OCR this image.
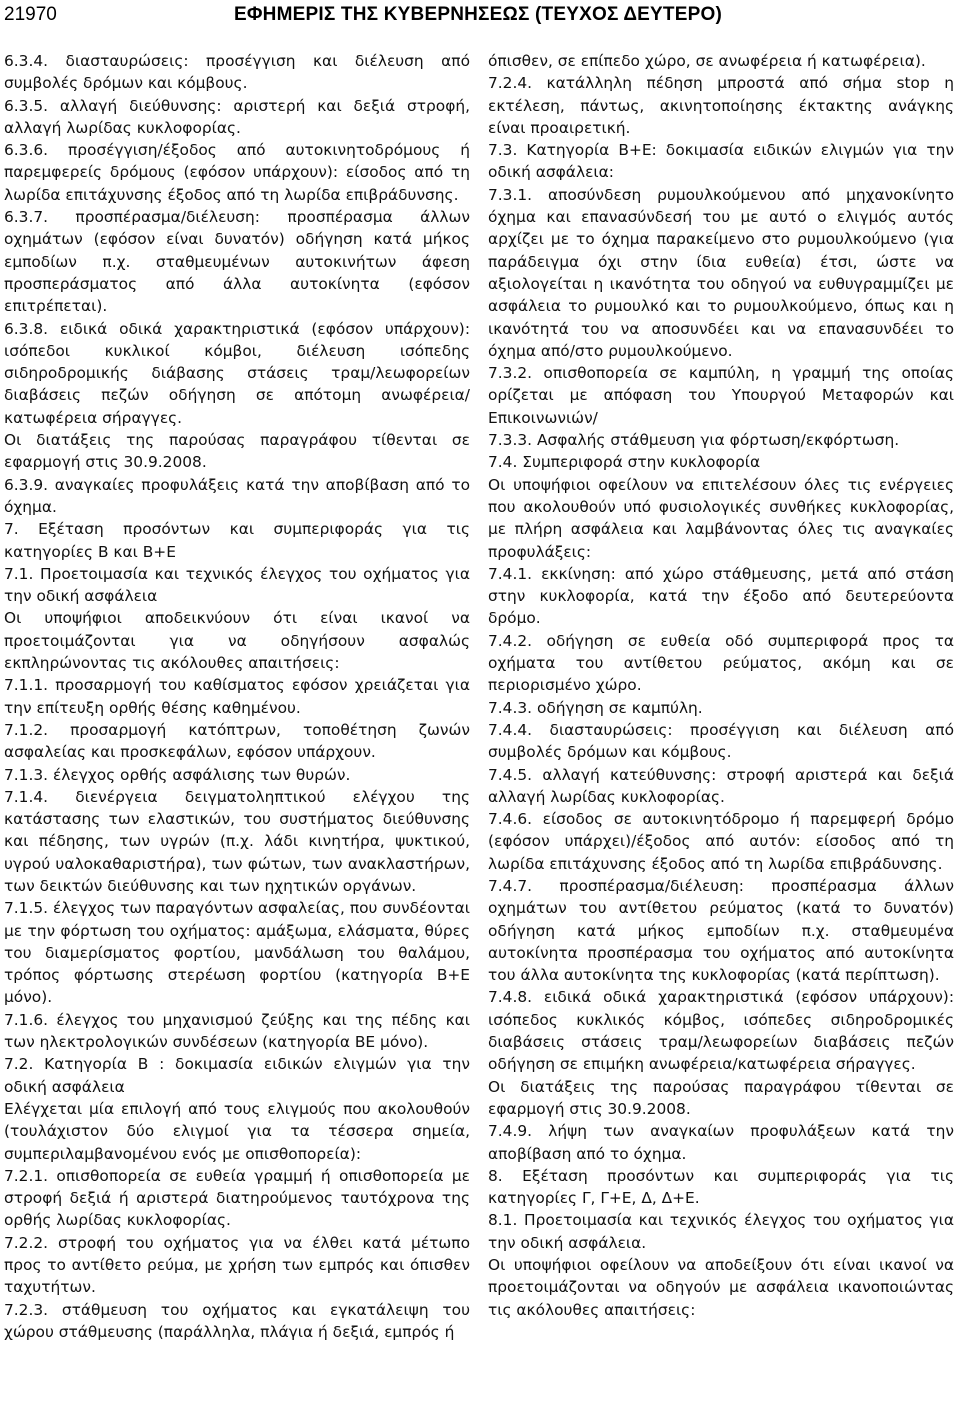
21970	ΕΦΗΜΕΡΙΣ ΤΗΣ ΚΥΒΕΡΝΗΣΕΩΣ (ΤΕΥΧΟΣ ΔΕΥΤΕΡΟ)

6.3.4. διασταυρώσεις: προσέγγιση και διέλευση από συμβολές δρόμων και κόμβους.

6.3.5. αλλαγή διεύθυνσης: αριστερή και δεξιά στροφή, αλλαγή λωρίδας κυκλοφορίας.

6.3.6. προσέγγιση/έξοδος από αυτοκινητοδρόμους ή παρεμφερείς δρόμους (εφόσον υπάρχουν): είσοδος από τη λωρίδα επιτάχυνσης έξοδος από τη λωρίδα επιβράδυνσης.

6.3.7. προσπέρασμα/διέλευση: προσπέρασμα άλλων οχημάτων (εφόσον είναι δυνατόν) οδήγηση κατά μήκος εμποδίων π.χ. σταθμευμένων αυτοκινήτων άφεση προσπεράσματος από άλλα αυτοκίνητα (εφόσον επιτρέπεται).

6.3.8. ειδικά οδικά χαρακτηριστικά (εφόσον υπάρχουν): ισόπεδοι κυκλικοί κόμβοι, διέλευση ισόπεδης σιδηροδρομικής διάβασης στάσεις τραμ/λεωφορείων διαβάσεις πεζών οδήγηση σε απότομη ανωφέρεια/κατωφέρεια σήραγγες.

Οι διατάξεις της παρούσας παραγράφου τίθενται σε εφαρμογή στις 30.9.2008.

6.3.9. αναγκαίες προφυλάξεις κατά την αποβίβαση από το όχημα.

7. Εξέταση προσόντων και συμπεριφοράς για τις κατηγορίες Β και Β+Ε

7.1. Προετοιμασία και τεχνικός έλεγχος του οχήματος για την οδική ασφάλεια

Οι υποψήφιοι αποδεικνύουν ότι είναι ικανοί να προετοιμάζονται για να οδηγήσουν ασφαλώς εκπληρώνοντας τις ακόλουθες απαιτήσεις:

7.1.1. προσαρμογή του καθίσματος εφόσον χρειάζεται για την επίτευξη ορθής θέσης καθημένου.

7.1.2. προσαρμογή κατόπτρων, τοποθέτηση ζωνών ασφαλείας και προσκεφάλων, εφόσον υπάρχουν.

7.1.3. έλεγχος ορθής ασφάλισης των θυρών.

7.1.4. διενέργεια δειγματοληπτικού ελέγχου της κατάστασης των ελαστικών, του συστήματος διεύθυνσης και πέδησης, των υγρών (π.χ. λάδι κινητήρα, ψυκτικού, υγρού υαλοκαθαριστήρα), των φώτων, των ανακλαστήρων, των δεικτών διεύθυνσης και των ηχητικών οργάνων.

7.1.5. έλεγχος των παραγόντων ασφαλείας, που συνδέονται με την φόρτωση του οχήματος: αμάξωμα, ελάσματα, θύρες του διαμερίσματος φορτίου, μανδάλωση του θαλάμου, τρόπος φόρτωσης στερέωση φορτίου (κατηγορία Β+Ε μόνο).

7.1.6. έλεγχος του μηχανισμού ζεύξης και της πέδης και των ηλεκτρολογικών συνδέσεων (κατηγορία ΒΕ μόνο).

7.2. Κατηγορία Β : δοκιμασία ειδικών ελιγμών για την οδική ασφάλεια

Ελέγχεται μία επιλογή από τους ελιγμούς που ακολουθούν (τουλάχιστον δύο ελιγμοί για τα τέσσερα σημεία, συμπεριλαμβανομένου ενός με οπισθοπορεία):

7.2.1. οπισθοπορεία σε ευθεία γραμμή ή οπισθοπορεία με στροφή δεξιά ή αριστερά διατηρούμενος ταυτόχρονα της ορθής λωρίδας κυκλοφορίας.

7.2.2. στροφή του οχήματος για να έλθει κατά μέτωπο προς το αντίθετο ρεύμα, με χρήση των εμπρός και όπισθεν ταχυτήτων.

7.2.3. στάθμευση του οχήματος και εγκατάλειψη του χώρου στάθμευσης (παράλληλα, πλάγια ή δεξιά, εμπρός ή

όπισθεν, σε επίπεδο χώρο, σε ανωφέρεια ή κατωφέρεια).

7.2.4. κατάλληλη πέδηση μπροστά από σήμα stop η εκτέλεση, πάντως, ακινητοποίησης έκτακτης ανάγκης είναι προαιρετική.

7.3. Κατηγορία Β+Ε: δοκιμασία ειδικών ελιγμών για την οδική ασφάλεια:

7.3.1. αποσύνδεση ρυμουλκούμενου από μηχανοκίνητο όχημα και επανασύνδεσή του με αυτό ο ελιγμός αυτός αρχίζει με το όχημα παρακείμενο στο ρυμουλκούμενο (για παράδειγμα όχι στην ίδια ευθεία) έτσι, ώστε να αξιολογείται η ικανότητα του οδηγού να ευθυγραμμίζει με ασφάλεια το ρυμουλκό και το ρυμουλκούμενο, όπως και η ικανότητά του να αποσυνδέει και να επανασυνδέει το όχημα από/στο ρυμουλκούμενο.

7.3.2. οπισθοπορεία σε καμπύλη, η γραμμή της οποίας ορίζεται με απόφαση του Υπουργού Μεταφορών και Επικοινωνιών/

7.3.3. Ασφαλής στάθμευση για φόρτωση/εκφόρτωση.

7.4. Συμπεριφορά στην κυκλοφορία

Οι υποψήφιοι οφείλουν να επιτελέσουν όλες τις ενέργειες που ακολουθούν υπό φυσιολογικές συνθήκες κυκλοφορίας, με πλήρη ασφάλεια και λαμβάνοντας όλες τις αναγκαίες προφυλάξεις:

7.4.1. εκκίνηση: από χώρο στάθμευσης, μετά από στάση στην κυκλοφορία, κατά την έξοδο από δευτερεύοντα δρόμο.

7.4.2. οδήγηση σε ευθεία οδό συμπεριφορά προς τα οχήματα του αντίθετου ρεύματος, ακόμη και σε περιορισμένο χώρο.

7.4.3. οδήγηση σε καμπύλη.

7.4.4. διασταυρώσεις: προσέγγιση και διέλευση από συμβολές δρόμων και κόμβους.

7.4.5. αλλαγή κατεύθυνσης: στροφή αριστερά και δεξιά αλλαγή λωρίδας κυκλοφορίας.

7.4.6. είσοδος σε αυτοκινητόδρομο ή παρεμφερή δρόμο (εφόσον υπάρχει)/έξοδος από αυτόν: είσοδος από τη λωρίδα επιτάχυνσης έξοδος από τη λωρίδα επιβράδυνσης.

7.4.7. προσπέρασμα/διέλευση: προσπέρασμα άλλων οχημάτων του αντίθετου ρεύματος (κατά το δυνατόν) οδήγηση κατά μήκος εμποδίων π.χ. σταθμευμένα αυτοκίνητα προσπέρασμα του οχήματος από αυτοκίνητα του άλλα αυτοκίνητα της κυκλοφορίας (κατά περίπτωση).

7.4.8. ειδικά οδικά χαρακτηριστικά (εφόσον υπάρχουν): ισόπεδος κυκλικός κόμβος, ισόπεδες σιδηροδρομικές διαβάσεις στάσεις τραμ/λεωφορείων διαβάσεις πεζών οδήγηση σε επιμήκη ανωφέρεια/κατωφέρεια σήραγγες.

Οι διατάξεις της παρούσας παραγράφου τίθενται σε εφαρμογή στις 30.9.2008.

7.4.9. λήψη των αναγκαίων προφυλάξεων κατά την αποβίβαση από το όχημα.

8. Εξέταση προσόντων και συμπεριφοράς για τις κατηγορίες Γ, Γ+Ε, Δ, Δ+Ε.

8.1. Προετοιμασία και τεχνικός έλεγχος του οχήματος για την οδική ασφάλεια.

Οι υποψήφιοι οφείλουν να αποδείξουν ότι είναι ικανοί να προετοιμάζονται να οδηγούν με ασφάλεια ικανοποιώντας τις ακόλουθες απαιτήσεις:
